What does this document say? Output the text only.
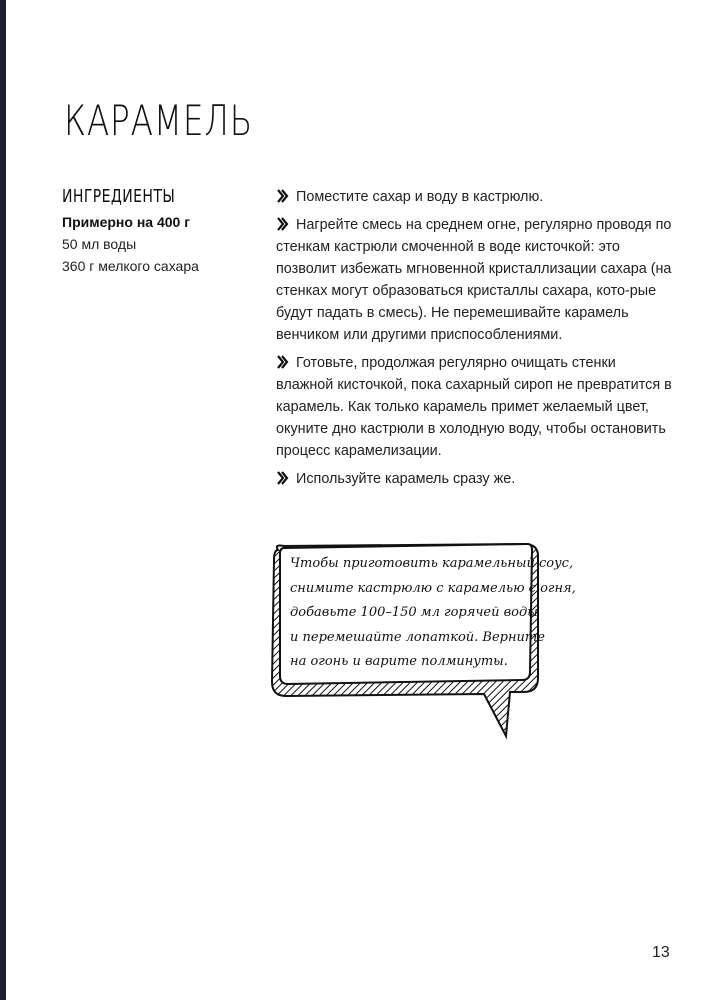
КАРАМЕЛЬ
ИНГРЕДИЕНТЫ
Примерно на 400 г
50 мл воды
360 г мелкого сахара
Поместите сахар и воду в кастрюлю.
Нагрейте смесь на среднем огне, регулярно проводя по стенкам кастрюли смоченной в воде кисточкой: это позволит избежать мгновенной кристаллизации сахара (на стенках могут образоваться кристаллы сахара, кото-рые будут падать в смесь). Не перемешивайте карамель венчиком или другими приспособлениями.
Готовьте, продолжая регулярно очищать стенки влажной кисточкой, пока сахарный сироп не превратится в карамель. Как только карамель примет желаемый цвет, окуните дно кастрюли в холодную воду, чтобы остановить процесс карамелизации.
Используйте карамель сразу же.
Чтобы приготовить карамельный соус,
снимите кастрюлю с карамелью с огня,
добавьте 100–150 мл горячей воды
и перемешайте лопаткой. Верните
на огонь и варите полминуты.
13
